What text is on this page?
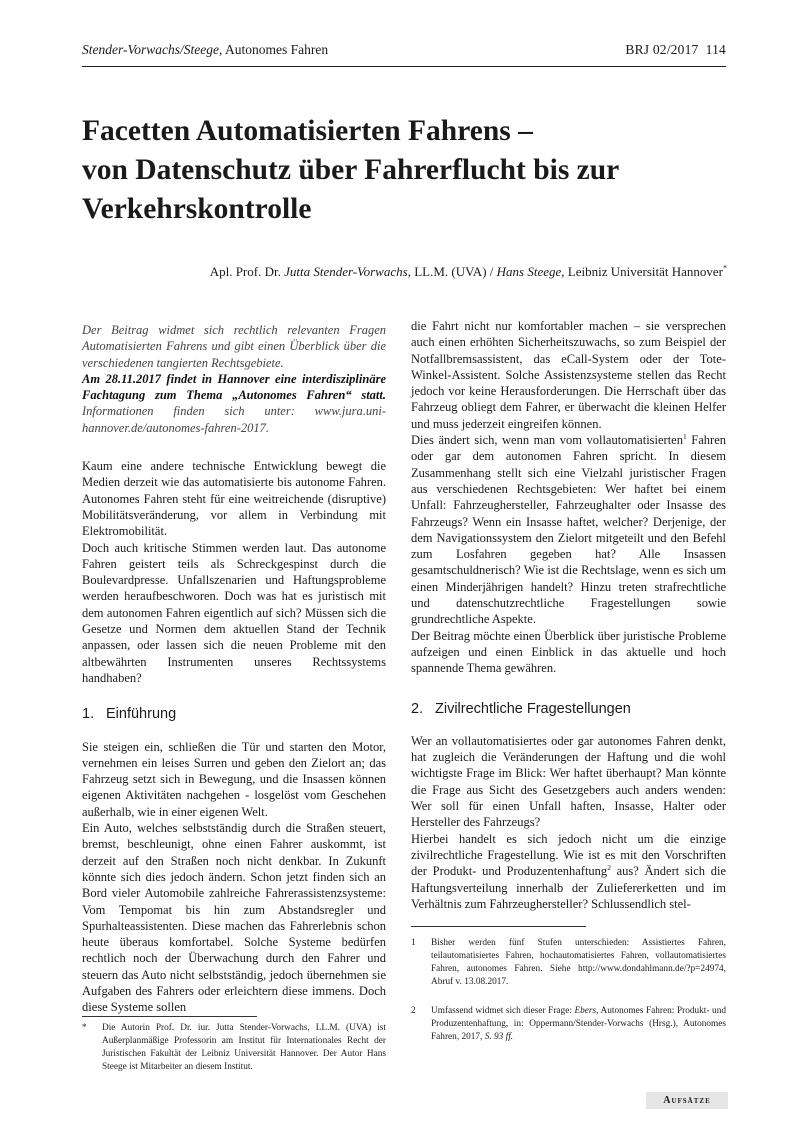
Stender-Vorwachs/Steege, Autonomes Fahren	BRJ 02/2017 114
Facetten Automatisierten Fahrens –
von Datenschutz über Fahrerflucht bis zur
Verkehrskontrolle
Apl. Prof. Dr. Jutta Stender-Vorwachs, LL.M. (UVA) / Hans Steege, Leibniz Universität Hannover*

Der Beitrag widmet sich rechtlich relevanten Fragen Automatisierten Fahrens und gibt einen Überblick über die verschiedenen tangierten Rechtsgebiete.

Am 28.11.2017 findet in Hannover eine interdisziplinäre Fachtagung zum Thema „Autonomes Fahren“ statt. Informationen finden sich unter: www.jura.uni-hannover.de/autonomes-fahren-2017.

Kaum eine andere technische Entwicklung bewegt die Medien derzeit wie das automatisierte bis autonome Fahren. Autonomes Fahren steht für eine weitreichende (disruptive) Mobilitätsveränderung, vor allem in Verbindung mit Elektromobilität.

Doch auch kritische Stimmen werden laut. Das autonome Fahren geistert teils als Schreckgespinst durch die Boulevardpresse. Unfallszenarien und Haftungsprobleme werden heraufbeschworen. Doch was hat es juristisch mit dem autonomen Fahren eigentlich auf sich? Müssen sich die Gesetze und Normen dem aktuellen Stand der Technik anpassen, oder lassen sich die neuen Probleme mit den altbewährten Instrumenten unseres Rechtssystems handhaben?

1. Einführung

Sie steigen ein, schließen die Tür und starten den Motor, vernehmen ein leises Surren und geben den Zielort an; das Fahrzeug setzt sich in Bewegung, und die Insassen können eigenen Aktivitäten nachgehen - losgelöst vom Geschehen außerhalb, wie in einer eigenen Welt.

Ein Auto, welches selbstständig durch die Straßen steuert, bremst, beschleunigt, ohne einen Fahrer auskommt, ist derzeit auf den Straßen noch nicht denkbar. In Zukunft könnte sich dies jedoch ändern. Schon jetzt finden sich an Bord vieler Automobile zahlreiche Fahrerassistenzsysteme: Vom Tempomat bis hin zum Abstandsregler und Spurhalteassistenten. Diese machen das Fahrerlebnis schon heute überaus komfortabel. Solche Systeme bedürfen rechtlich noch der Überwachung durch den Fahrer und steuern das Auto nicht selbstständig, jedoch übernehmen sie Aufgaben des Fahrers oder erleichtern diese immens. Doch diese Systeme sollen

die Fahrt nicht nur komfortabler machen – sie versprechen auch einen erhöhten Sicherheitszuwachs, so zum Beispiel der Notfallbremsassistent, das eCall-System oder der Tote-Winkel-Assistent. Solche Assistenzsysteme stellen das Recht jedoch vor keine Herausforderungen. Die Herrschaft über das Fahrzeug obliegt dem Fahrer, er überwacht die kleinen Helfer und muss jederzeit eingreifen können.

Dies ändert sich, wenn man vom vollautomatisierten$^1$ Fahren oder gar dem autonomen Fahren spricht. In diesem Zusammenhang stellt sich eine Vielzahl juristischer Fragen aus verschiedenen Rechtsgebieten: Wer haftet bei einem Unfall: Fahrzeughersteller, Fahrzeughalter oder Insasse des Fahrzeugs? Wenn ein Insasse haftet, welcher? Derjenige, der dem Navigationssystem den Zielort mitgeteilt und den Befehl zum Losfahren gegeben hat? Alle Insassen gesamtschuldnerisch? Wie ist die Rechtslage, wenn es sich um einen Minderjährigen handelt? Hinzu treten strafrechtliche und datenschutzrechtliche Fragestellungen sowie grundrechtliche Aspekte.

Der Beitrag möchte einen Überblick über juristische Probleme aufzeigen und einen Einblick in das aktuelle und hoch spannende Thema gewähren.

2. Zivilrechtliche Fragestellungen

Wer an vollautomatisiertes oder gar autonomes Fahren denkt, hat zugleich die Veränderungen der Haftung und die wohl wichtigste Frage im Blick: Wer haftet überhaupt? Man könnte die Frage aus Sicht des Gesetzgebers auch anders wenden: Wer soll für einen Unfall haften, Insasse, Halter oder Hersteller des Fahrzeugs?

Hierbei handelt es sich jedoch nicht um die einzige zivilrechtliche Fragestellung. Wie ist es mit den Vorschriften der Produkt- und Produzentenhaftung$^2$ aus? Ändert sich die Haftungsverteilung innerhalb der Zuliefererketten und im Verhältnis zum Fahrzeughersteller? Schlussendlich stel-

* Die Autorin Prof. Dr. iur. Jutta Stender-Vorwachs, LL.M. (UVA) ist Außerplanmäßige Professorin am Institut für Internationales Recht der Juristischen Fakultät der Leibniz Universität Hannover. Der Autor Hans Steege ist Mitarbeiter an diesem Institut.
1 Bisher werden fünf Stufen unterschieden: Assistiertes Fahren, teilautomatisiertes Fahren, hochautomatisiertes Fahren, vollautomatisiertes Fahren, autonomes Fahren. Siehe http://www.dondahlmann.de/?p=24974, Abruf v. 13.08.2017.
2 Umfassend widmet sich dieser Frage: Ebers, Autonomes Fahren: Produkt- und Produzentenhaftung, in: Oppermann/Stender-Vorwachs (Hrsg.), Autonomes Fahren, 2017, S. 93 ff.
Aufsätze
